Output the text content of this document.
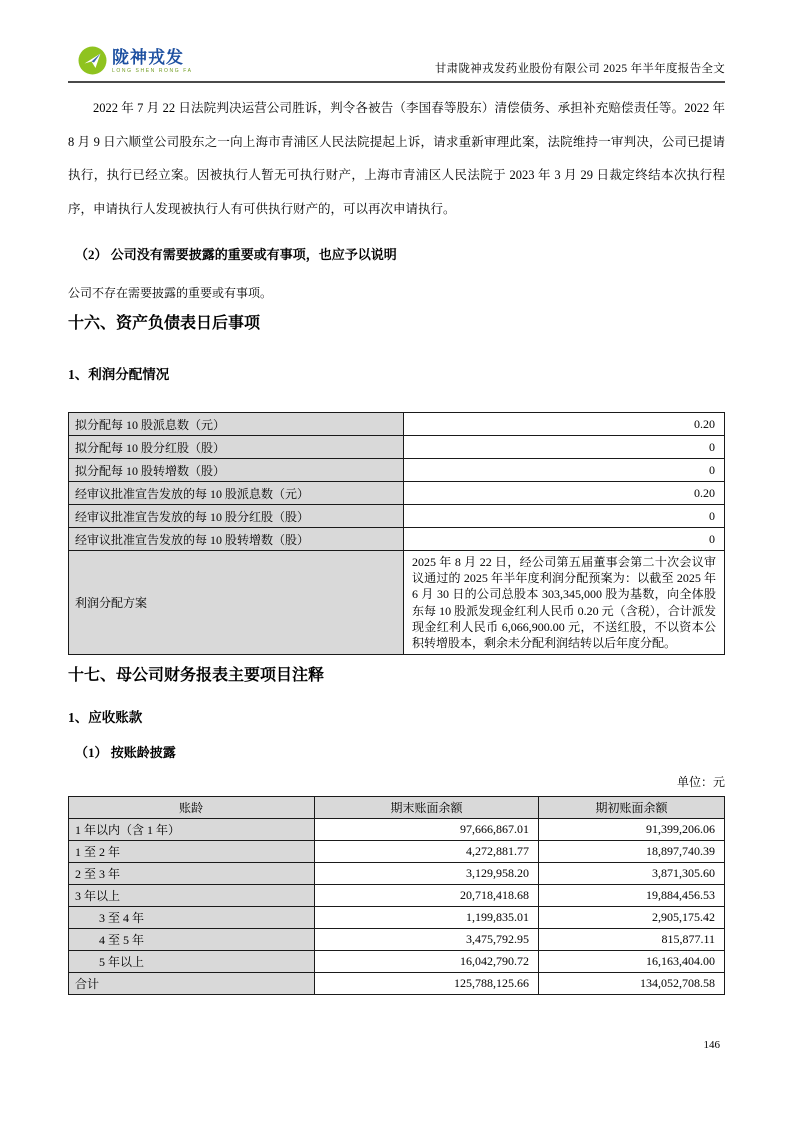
陇神戎发
LONG SHEN RONG FA	甘肃陇神戎发药业股份有限公司 2025 年半年度报告全文
2022 年 7 月 22 日法院判决运营公司胜诉，判令各被告（李国春等股东）清偿债务、承担补充赔偿责任等。2022 年 8 月 9 日六顺堂公司股东之一向上海市青浦区人民法院提起上诉，请求重新审理此案，法院维持一审判决，公司已提请执行，执行已经立案。因被执行人暂无可执行财产，上海市青浦区人民法院于 2023 年 3 月 29 日裁定终结本次执行程序，申请执行人发现被执行人有可供执行财产的，可以再次申请执行。
（2） 公司没有需要披露的重要或有事项，也应予以说明
公司不存在需要披露的重要或有事项。
十六、资产负债表日后事项
1、利润分配情况
拟分配每 10 股派息数（元）	0.20
拟分配每 10 股分红股（股）	0
拟分配每 10 股转增数（股）	0
经审议批准宣告发放的每 10 股派息数（元）	0.20
经审议批准宣告发放的每 10 股分红股（股）	0
经审议批准宣告发放的每 10 股转增数（股）	0
利润分配方案	2025 年 8 月 22 日，经公司第五届董事会第二十次会议审议通过的 2025 年半年度利润分配预案为：以截至 2025 年 6 月 30 日的公司总股本 303,345,000 股为基数，向全体股东每 10 股派发现金红利人民币 0.20 元（含税），合计派发现金红利人民币 6,066,900.00 元，不送红股，不以资本公积转增股本，剩余未分配利润结转以后年度分配。
十七、母公司财务报表主要项目注释
1、应收账款
（1） 按账龄披露
单位：元
账龄	期末账面余额	期初账面余额
1 年以内（含 1 年）	97,666,867.01	91,399,206.06
1 至 2 年	4,272,881.77	18,897,740.39
2 至 3 年	3,129,958.20	3,871,305.60
3 年以上	20,718,418.68	19,884,456.53
3 至 4 年	1,199,835.01	2,905,175.42
4 至 5 年	3,475,792.95	815,877.11
5 年以上	16,042,790.72	16,163,404.00
合计	125,788,125.66	134,052,708.58
146
